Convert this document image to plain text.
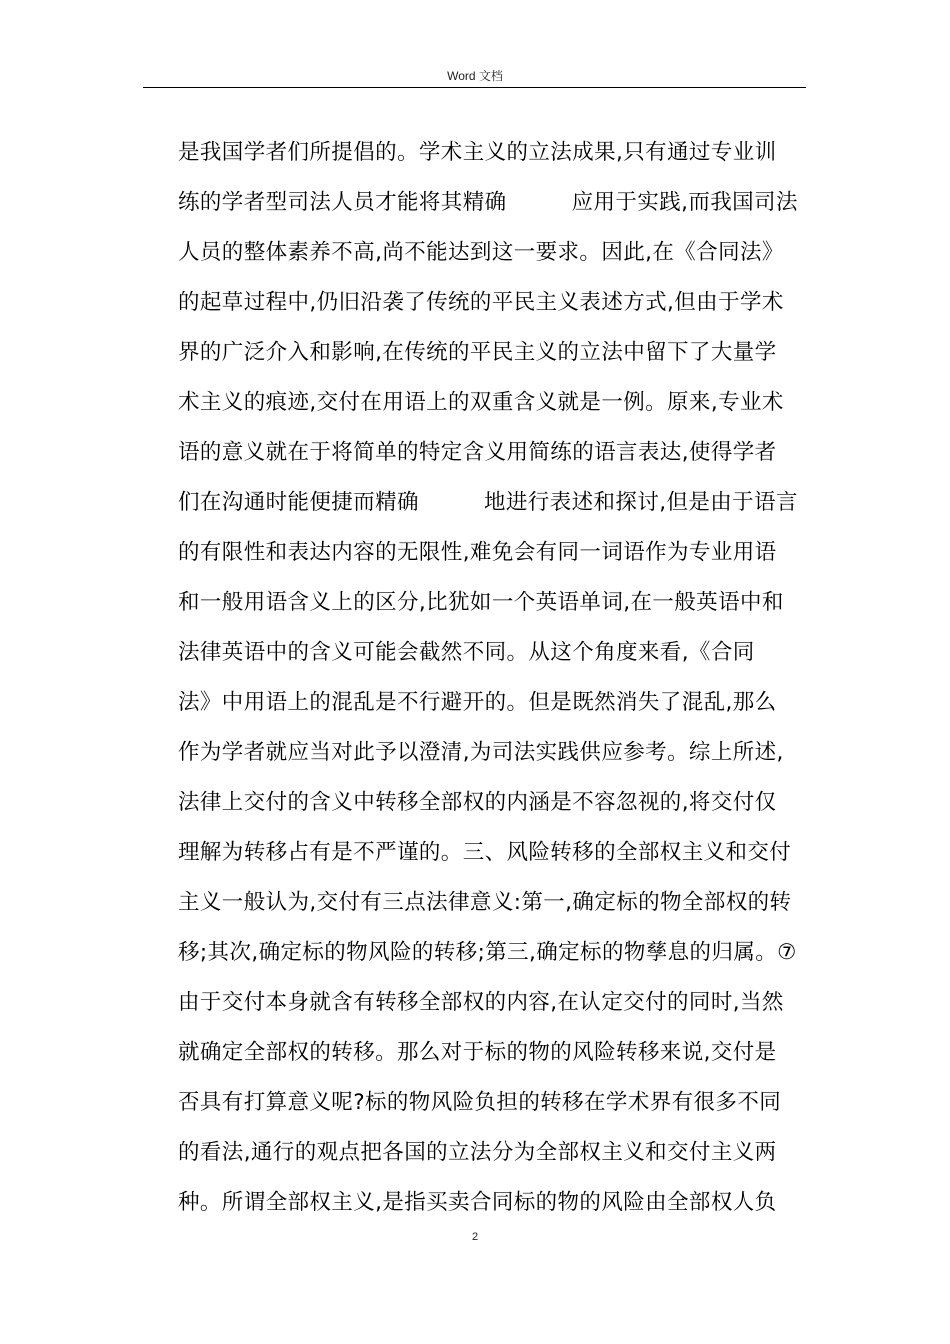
Word 文档
是我国学者们所提倡的。学术主义的立法成果,只有通过专业训
练的学者型司法人员才能将其精确         应用于实践,而我国司法
人员的整体素养不高,尚不能达到这一要求。因此,在《合同法》
的起草过程中,仍旧沿袭了传统的平民主义表述方式,但由于学术
界的广泛介入和影响,在传统的平民主义的立法中留下了大量学
术主义的痕迹,交付在用语上的双重含义就是一例。原来,专业术
语的意义就在于将简单的特定含义用简练的语言表达,使得学者
们在沟通时能便捷而精确         地进行表述和探讨,但是由于语言
的有限性和表达内容的无限性,难免会有同一词语作为专业用语
和一般用语含义上的区分,比犹如一个英语单词,在一般英语中和
法律英语中的含义可能会截然不同。从这个角度来看,《合同
法》中用语上的混乱是不行避开的。但是既然消失了混乱,那么
作为学者就应当对此予以澄清,为司法实践供应参考。综上所述,
法律上交付的含义中转移全部权的内涵是不容忽视的,将交付仅
理解为转移占有是不严谨的。三、风险转移的全部权主义和交付
主义一般认为,交付有三点法律意义:第一,确定标的物全部权的转
移;其次,确定标的物风险的转移;第三,确定标的物孳息的归属。⑦
由于交付本身就含有转移全部权的内容,在认定交付的同时,当然
就确定全部权的转移。那么对于标的物的风险转移来说,交付是
否具有打算意义呢?标的物风险负担的转移在学术界有很多不同
的看法,通行的观点把各国的立法分为全部权主义和交付主义两
种。所谓全部权主义,是指买卖合同标的物的风险由全部权人负
2
